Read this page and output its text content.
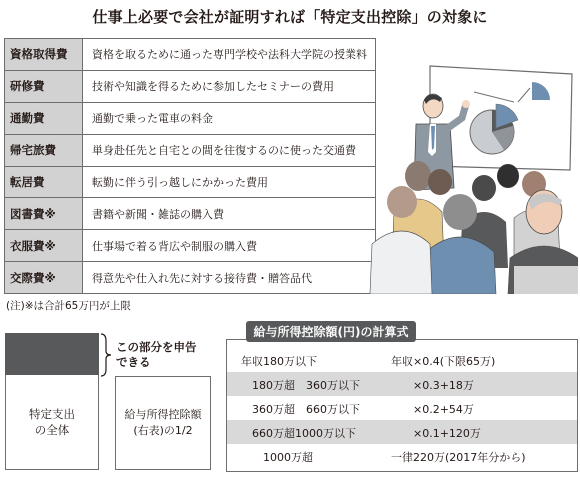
仕事上必要で会社が証明すれば「特定支出控除」の対象に
資格取得費	資格を取るために通った専門学校や法科大学院の授業料
研修費	技術や知識を得るために参加したセミナーの費用
通勤費	通勤で乗った電車の料金
帰宅旅費	単身赴任先と自宅との間を往復するのに使った交通費
転居費	転勤に伴う引っ越しにかかった費用
図書費※	書籍や新聞・雑誌の購入費
衣服費※	仕事場で着る背広や制服の購入費
交際費※	得意先や仕入れ先に対する接待費・贈答品代
(注)※は合計65万円が上限
この部分を申告
できる
特定支出
の全体
給与所得控除額
(右表)の1/2
年収180万以下	年収×0.4(下限65万)
　180万超　360万以下	　　×0.3+18万
　360万超　660万以下	　　×0.2+54万
　660万超1000万以下	　　×0.1+120万
　　1000万超	一律220万(2017年分から)
給与所得控除額(円)の計算式
